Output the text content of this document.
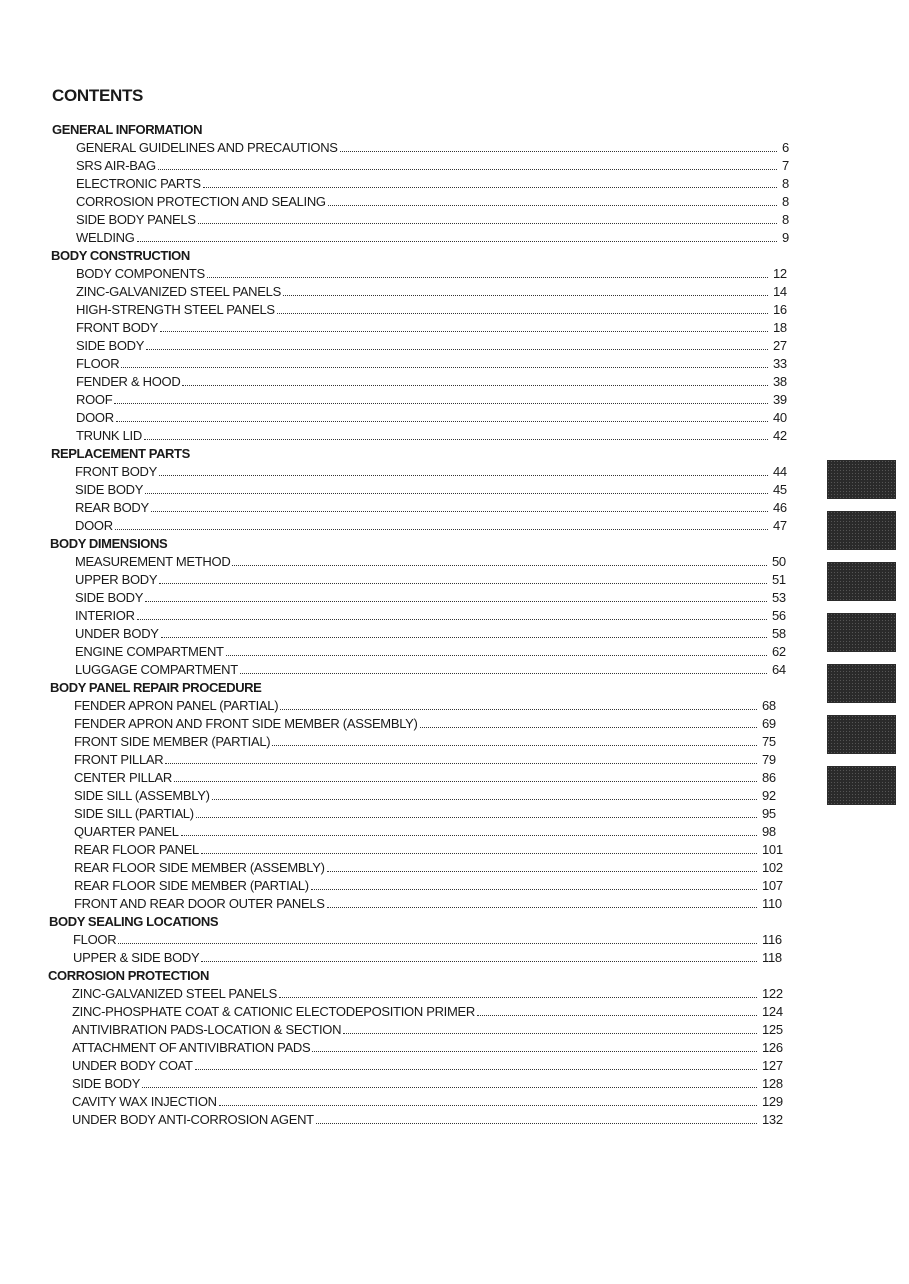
CONTENTS
GENERAL INFORMATION
GENERAL GUIDELINES AND PRECAUTIONS	6
SRS AIR-BAG	7
ELECTRONIC PARTS	8
CORROSION PROTECTION AND SEALING	8
SIDE BODY PANELS	8
WELDING	9
BODY CONSTRUCTION
BODY COMPONENTS	12
ZINC-GALVANIZED STEEL PANELS	14
HIGH-STRENGTH STEEL PANELS	16
FRONT BODY	18
SIDE BODY	27
FLOOR	33
FENDER & HOOD	38
ROOF	39
DOOR	40
TRUNK LID	42
REPLACEMENT PARTS
FRONT BODY	44
SIDE BODY	45
REAR BODY	46
DOOR	47
BODY DIMENSIONS
MEASUREMENT METHOD	50
UPPER BODY	51
SIDE BODY	53
INTERIOR	56
UNDER BODY	58
ENGINE COMPARTMENT	62
LUGGAGE COMPARTMENT	64
BODY PANEL REPAIR PROCEDURE
FENDER APRON PANEL (PARTIAL)	68
FENDER APRON AND FRONT SIDE MEMBER (ASSEMBLY)	69
FRONT SIDE MEMBER (PARTIAL)	75
FRONT PILLAR	79
CENTER PILLAR	86
SIDE SILL (ASSEMBLY)	92
SIDE SILL (PARTIAL)	95
QUARTER PANEL	98
REAR FLOOR PANEL	101
REAR FLOOR SIDE MEMBER (ASSEMBLY)	102
REAR FLOOR SIDE MEMBER (PARTIAL)	107
FRONT AND REAR DOOR OUTER PANELS	110
BODY SEALING LOCATIONS
FLOOR	116
UPPER & SIDE BODY	118
CORROSION PROTECTION
ZINC-GALVANIZED STEEL PANELS	122
ZINC-PHOSPHATE COAT & CATIONIC ELECTODEPOSITION PRIMER	124
ANTIVIBRATION PADS-LOCATION & SECTION	125
ATTACHMENT OF ANTIVIBRATION PADS	126
UNDER BODY COAT	127
SIDE BODY	128
CAVITY WAX INJECTION	129
UNDER BODY ANTI-CORROSION AGENT	132
